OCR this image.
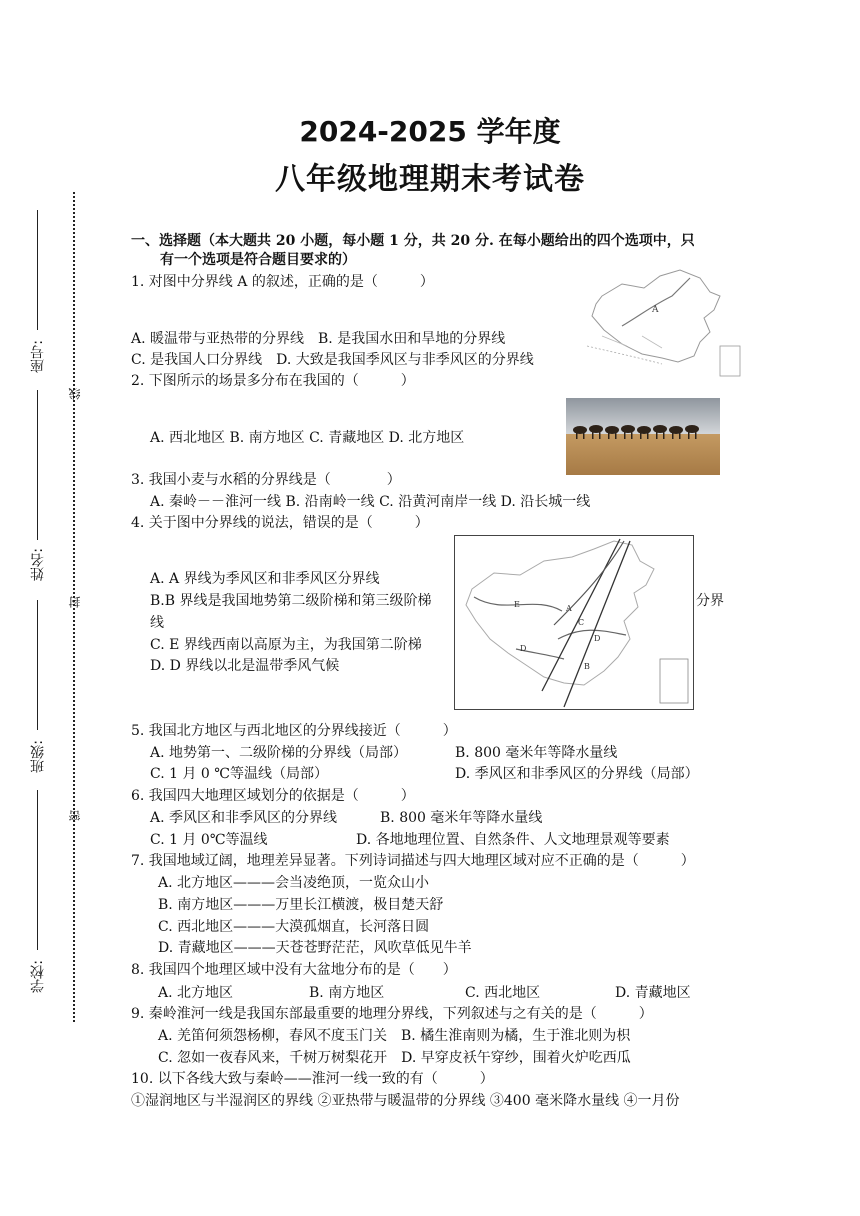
2024-2025 学年度
八年级地理期末考试卷
座号:
姓名:
班级:
学校:
线
封
密
一、选择题（本大题共 20 小题，每小题 1 分，共 20 分. 在每小题给出的四个选项中，只
有一个选项是符合题目要求的）
1. 对图中分界线 A 的叙述，正确的是（　　　）
A. 暖温带与亚热带的分界线　B. 是我国水田和旱地的分界线
C. 是我国人口分界线　D. 大致是我国季风区与非季风区的分界线
A
2. 下图所示的场景多分布在我国的（　　　）
A. 西北地区 B. 南方地区 C. 青藏地区 D. 北方地区
3. 我国小麦与水稻的分界线是（　　　　）
A. 秦岭－－淮河一线 B. 沿南岭一线 C. 沿黄河南岸一线 D. 沿长城一线
4. 关于图中分界线的说法，错误的是（　　　）
A. A 界线为季风区和非季风区分界线
B.B 界线是我国地势第二级阶梯和第三级阶梯	分界
线
C. E 界线西南以高原为主，为我国第二阶梯
D. D 界线以北是温带季风气候
E	A
C
D
D
B
5. 我国北方地区与西北地区的分界线接近（　　　）
A. 地势第一、二级阶梯的分界线（局部）	B. 800 毫米年等降水量线
C. 1 月 0 ℃等温线（局部）	D. 季风区和非季风区的分界线（局部）
6. 我国四大地理区域划分的依据是（　　　）
A. 季风区和非季风区的分界线	B. 800 毫米年等降水量线
C. 1 月 0℃等温线	D. 各地地理位置、自然条件、人文地理景观等要素
7. 我国地域辽阔，地理差异显著。下列诗词描述与四大地理区域对应不正确的是（　　　）
A. 北方地区———会当凌绝顶，一览众山小
B. 南方地区———万里长江横渡，极目楚天舒
C. 西北地区———大漠孤烟直，长河落日圆
D. 青藏地区———天苍苍野茫茫，风吹草低见牛羊
8. 我国四个地理区域中没有大盆地分布的是（　　）
A. 北方地区	B. 南方地区	C. 西北地区	D. 青藏地区
9. 秦岭淮河一线是我国东部最重要的地理分界线，下列叙述与之有关的是（　　　）
A. 羌笛何须怨杨柳，春风不度玉门关　B. 橘生淮南则为橘，生于淮北则为枳
C. 忽如一夜春风来，千树万树梨花开　D. 早穿皮袄午穿纱，围着火炉吃西瓜
10. 以下各线大致与秦岭——淮河一线一致的有（　　　）
①湿润地区与半湿润区的界线 ②亚热带与暖温带的分界线 ③400 毫米降水量线 ④一月份
